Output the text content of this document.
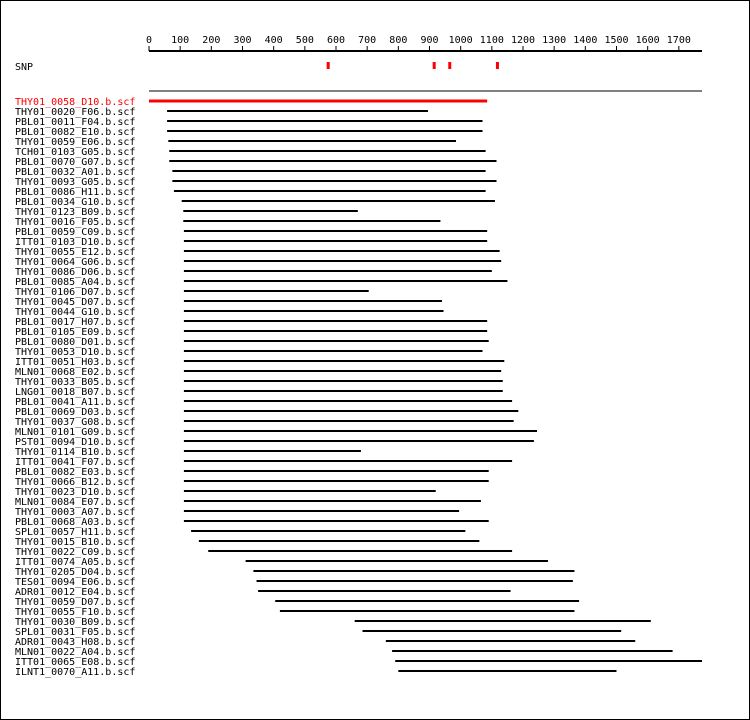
0 100 200 300 400 500 600 700 800 900 1000 1100 1200 1300 1400 1500 1600 1700
SNP
THY01_0058_D10.b.scf
THY01_0020_F06.b.scf
PBL01_0011_F04.b.scf
PBL01_0082_E10.b.scf
THY01_0059_E06.b.scf
TCH01_0103_G05.b.scf
PBL01_0070_G07.b.scf
PBL01_0032_A01.b.scf
THY01_0093_G05.b.scf
PBL01_0086_H11.b.scf
PBL01_0034_G10.b.scf
THY01_0123_B09.b.scf
THY01_0016_F05.b.scf
PBL01_0059_C09.b.scf
ITT01_0103_D10.b.scf
THY01_0055_E12.b.scf
THY01_0064_G06.b.scf
THY01_0086_D06.b.scf
PBL01_0085_A04.b.scf
THY01_0106_D07.b.scf
THY01_0045_D07.b.scf
THY01_0044_G10.b.scf
PBL01_0017_H07.b.scf
PBL01_0105_E09.b.scf
PBL01_0080_D01.b.scf
THY01_0053_D10.b.scf
ITT01_0051_H03.b.scf
MLN01_0068_E02.b.scf
THY01_0033_B05.b.scf
LNG01_0018_B07.b.scf
PBL01_0041_A11.b.scf
PBL01_0069_D03.b.scf
THY01_0037_G08.b.scf
MLN01_0101_G09.b.scf
PST01_0094_D10.b.scf
THY01_0114_B10.b.scf
ITT01_0041_F07.b.scf
PBL01_0082_E03.b.scf
THY01_0066_B12.b.scf
THY01_0023_D10.b.scf
MLN01_0084_E07.b.scf
THY01_0003_A07.b.scf
PBL01_0068_A03.b.scf
SPL01_0057_H11.b.scf
THY01_0015_B10.b.scf
THY01_0022_C09.b.scf
ITT01_0074_A05.b.scf
THY01_0205_D04.b.scf
TES01_0094_E06.b.scf
ADR01_0012_E04.b.scf
THY01_0059_D07.b.scf
THY01_0055_F10.b.scf
THY01_0030_B09.b.scf
SPL01_0031_F05.b.scf
ADR01_0043_H08.b.scf
MLN01_0022_A04.b.scf
ITT01_0065_E08.b.scf
ILNT1_0070_A11.b.scf
